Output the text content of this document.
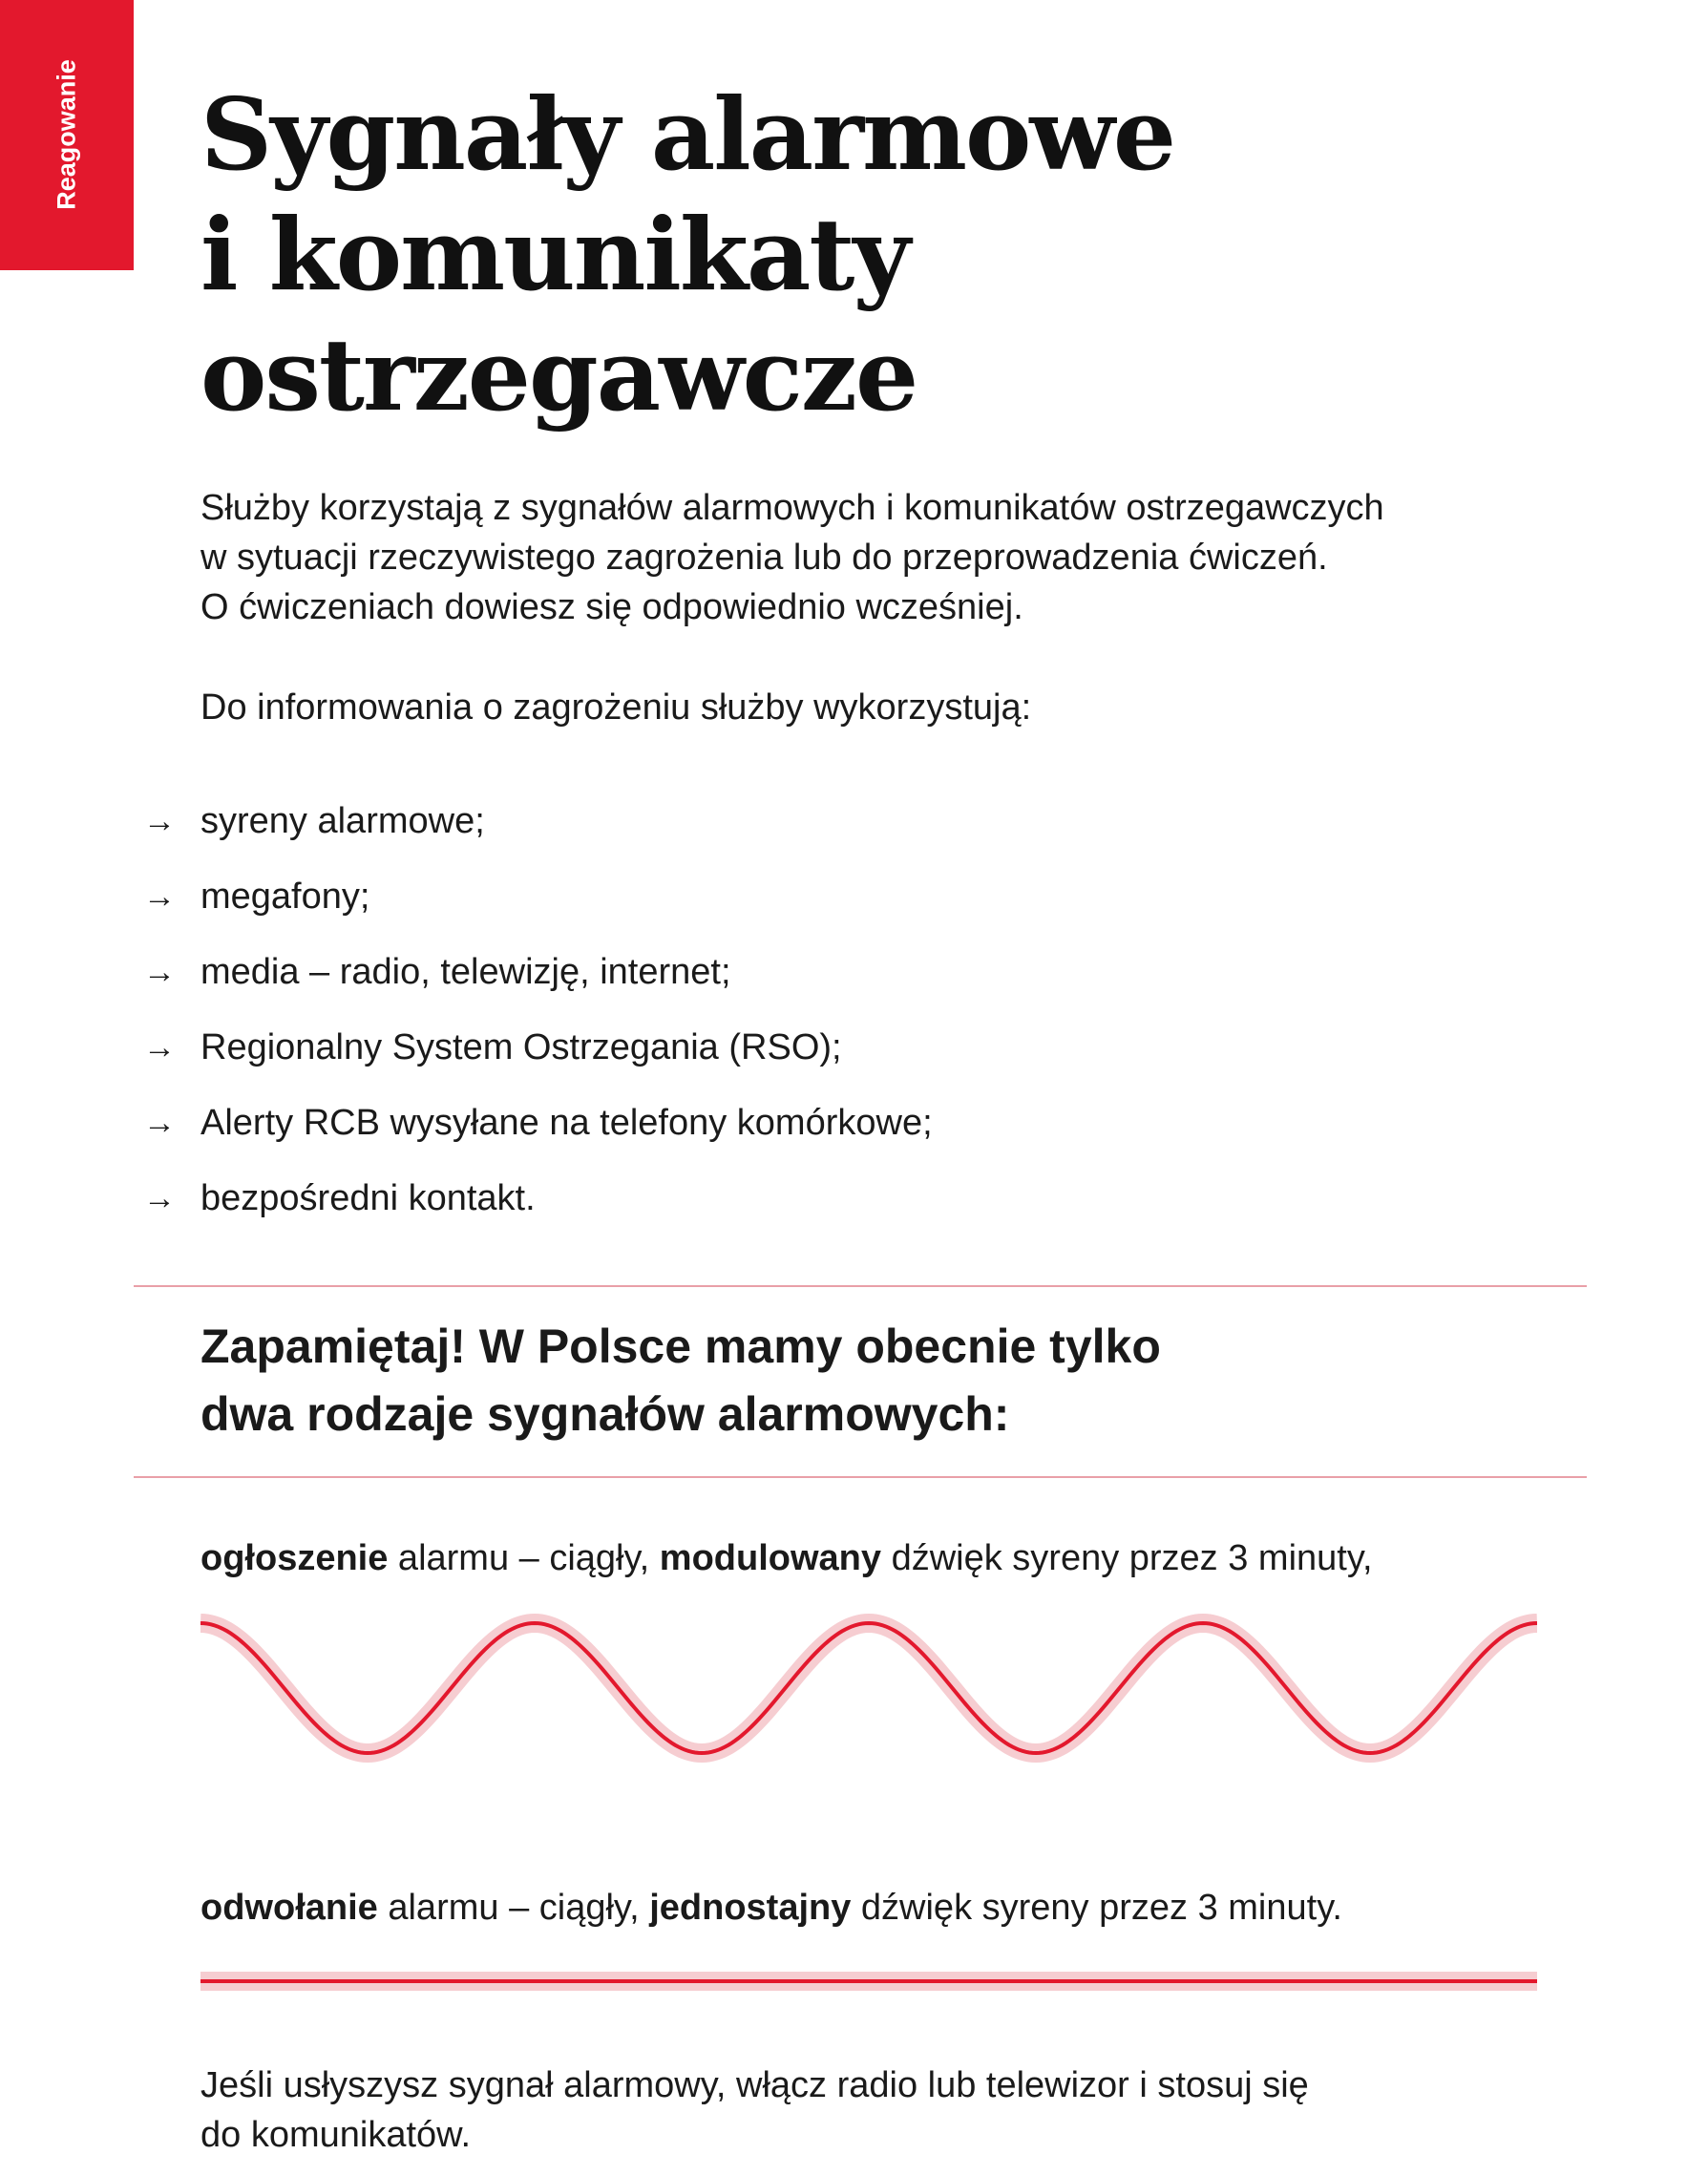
Reagowanie Sygnały alarmowe
i komunikaty
ostrzegawcze
Służby korzystają z sygnałów alarmowych i komunikatów ostrzegawczych
w sytuacji rzeczywistego zagrożenia lub do przeprowadzenia ćwiczeń.
O ćwiczeniach dowiesz się odpowiednio wcześniej.
Do informowania o zagrożeniu służby wykorzystują:
→ syreny alarmowe;
→ megafony;
→ media – radio, telewizję, internet;
→ Regionalny System Ostrzegania (RSO);
→ Alerty RCB wysyłane na telefony komórkowe;
→ bezpośredni kontakt.
Zapamiętaj! W Polsce mamy obecnie tylko
dwa rodzaje sygnałów alarmowych:
ogłoszenie alarmu – ciągły, modulowany dźwięk syreny przez 3 minuty,
odwołanie alarmu – ciągły, jednostajny dźwięk syreny przez 3 minuty.
Jeśli usłyszysz sygnał alarmowy, włącz radio lub telewizor i stosuj się
do komunikatów.
